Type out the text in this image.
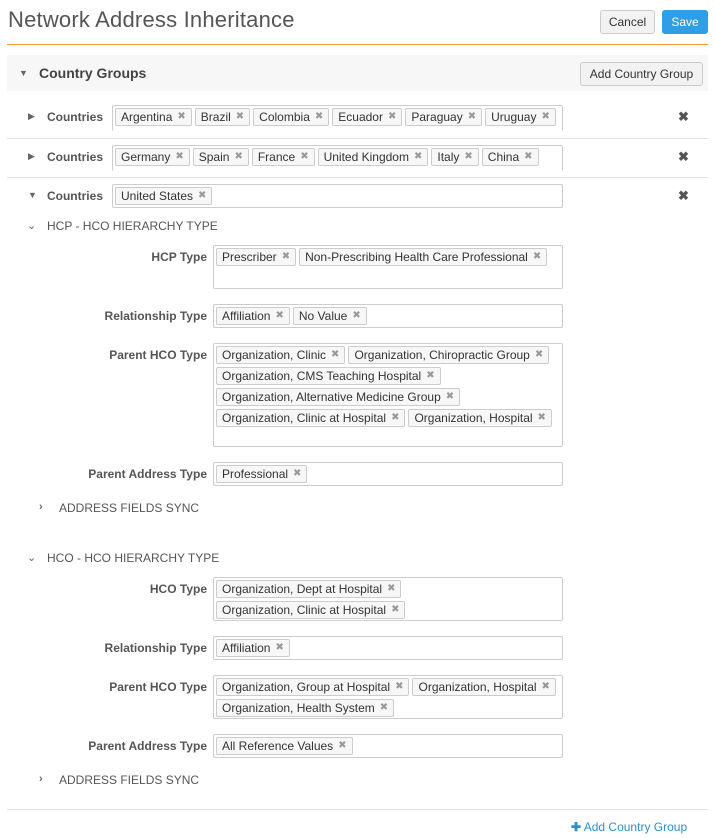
Network Address Inheritance	Cancel	Save
▼ Country Groups	Add Country Group
▶	Countries Argentina ✖ Brazil ✖ Colombia ✖ Ecuador ✖ Paraguay ✖ Uruguay ✖	✖
▶	Countries Germany ✖ Spain ✖ France ✖ United Kingdom ✖ Italy ✖ China ✖	✖
▼ Countries United States ✖	✖
⌄ HCP - HCO HIERARCHY TYPE
HCP Type Prescriber ✖ Non-Prescribing Health Care Professional ✖
Relationship Type Affiliation ✖ No Value ✖
Parent HCO Type Organization, Clinic ✖ Organization, Chiropractic Group ✖
Organization, CMS Teaching Hospital ✖
Organization, Alternative Medicine Group ✖
Organization, Clinic at Hospital ✖ Organization, Hospital ✖
Parent Address Type Professional ✖
› ADDRESS FIELDS SYNC
⌄ HCO - HCO HIERARCHY TYPE
HCO Type Organization, Dept at Hospital ✖
Organization, Clinic at Hospital ✖
Relationship Type Affiliation ✖
Parent HCO Type Organization, Group at Hospital ✖ Organization, Hospital ✖
Organization, Health System ✖
Parent Address Type All Reference Values ✖
› ADDRESS FIELDS SYNC
✚ Add Country Group
